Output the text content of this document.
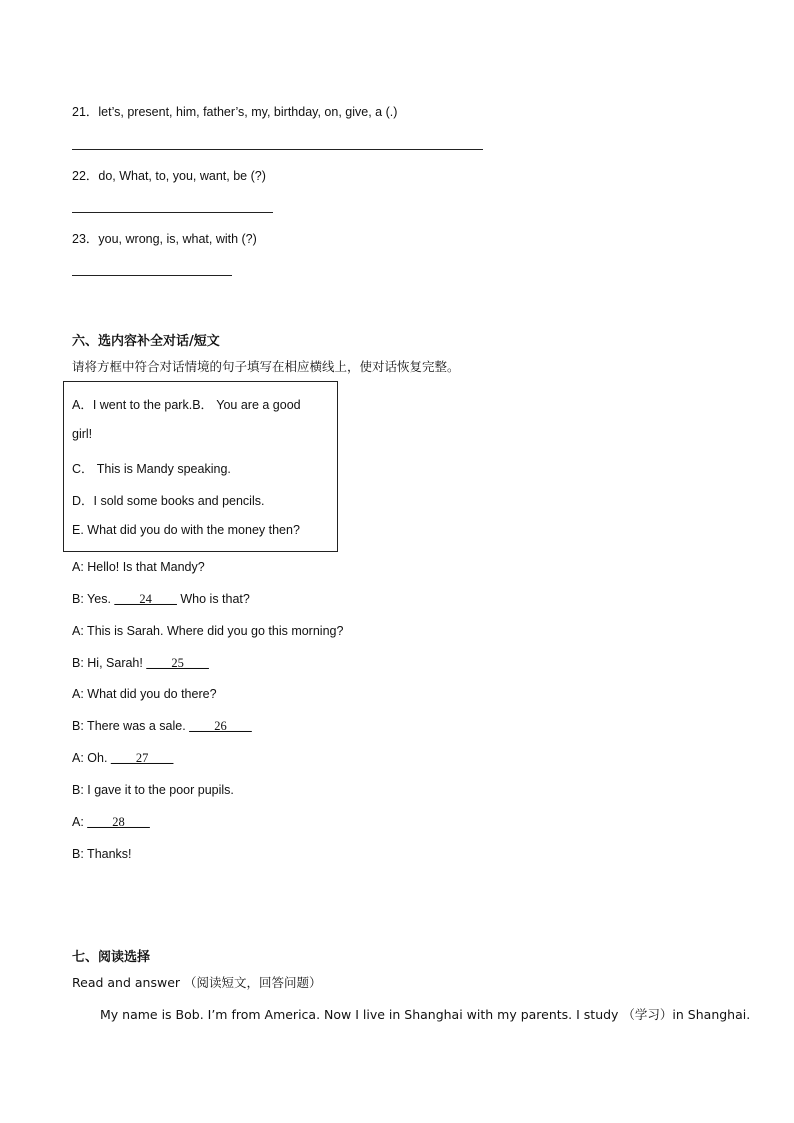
21．let’s, present, him, father’s, my, birthday, on, give, a (.)
22．do, What, to, you, want, be (?)
23．you, wrong, is, what, with (?)
六、选内容补全对话/短文
请将方框中符合对话情境的句子填写在相应横线上，使对话恢复完整。
A．I went to the park.B． You are a good
girl!
C． This is Mandy speaking.
D．I sold some books and pencils.
E. What did you do with the money then?
A: Hello! Is that Mandy?
B: Yes. ____24____ Who is that?
A: This is Sarah. Where did you go this morning?
B: Hi, Sarah! ____25____
A: What did you do there?
B: There was a sale. ____26____
A: Oh. ____27____
B: I gave it to the poor pupils.
A: ____28____
B: Thanks!
七、阅读选择
Read and answer （阅读短文，回答问题）
My name is Bob. I’m from America. Now I live in Shanghai with my parents. I study （学习）in Shanghai.
